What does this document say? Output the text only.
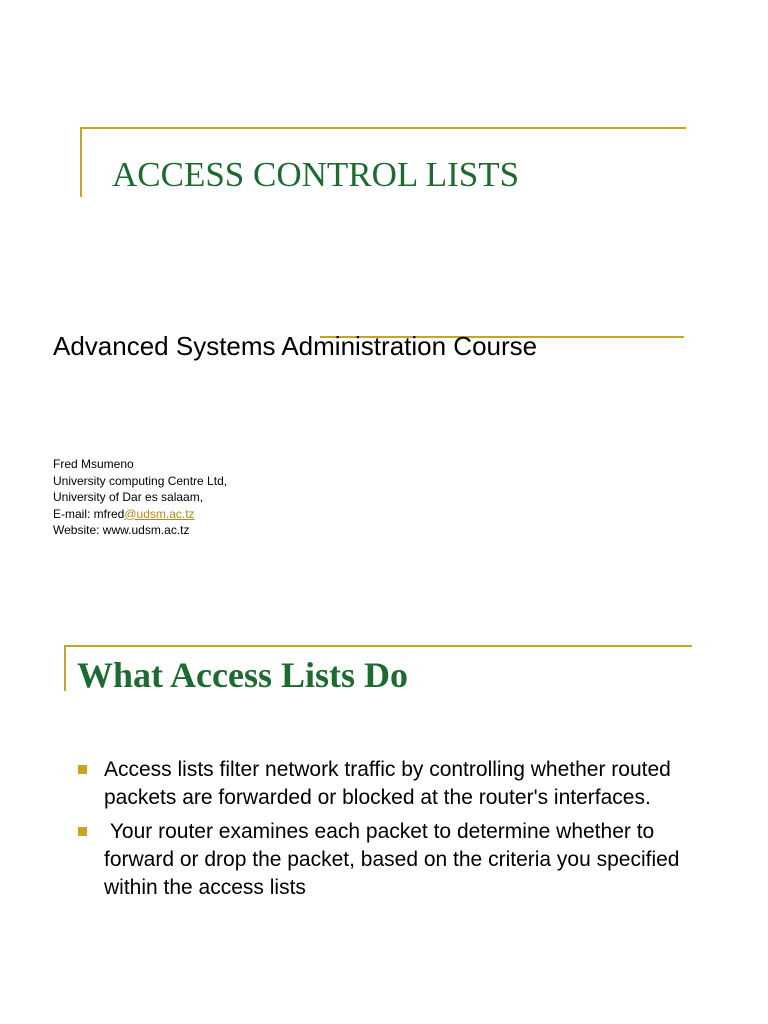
ACCESS CONTROL LISTS
Advanced Systems Administration Course
Fred Msumeno
University computing Centre Ltd,
University of Dar es salaam,
E-mail: mfred@udsm.ac.tz
Website: www.udsm.ac.tz
What Access Lists Do
Access lists filter network traffic by controlling whether routed packets are forwarded or blocked at the router's interfaces.
Your router examines each packet to determine whether to forward or drop the packet, based on the criteria you specified within the access lists
